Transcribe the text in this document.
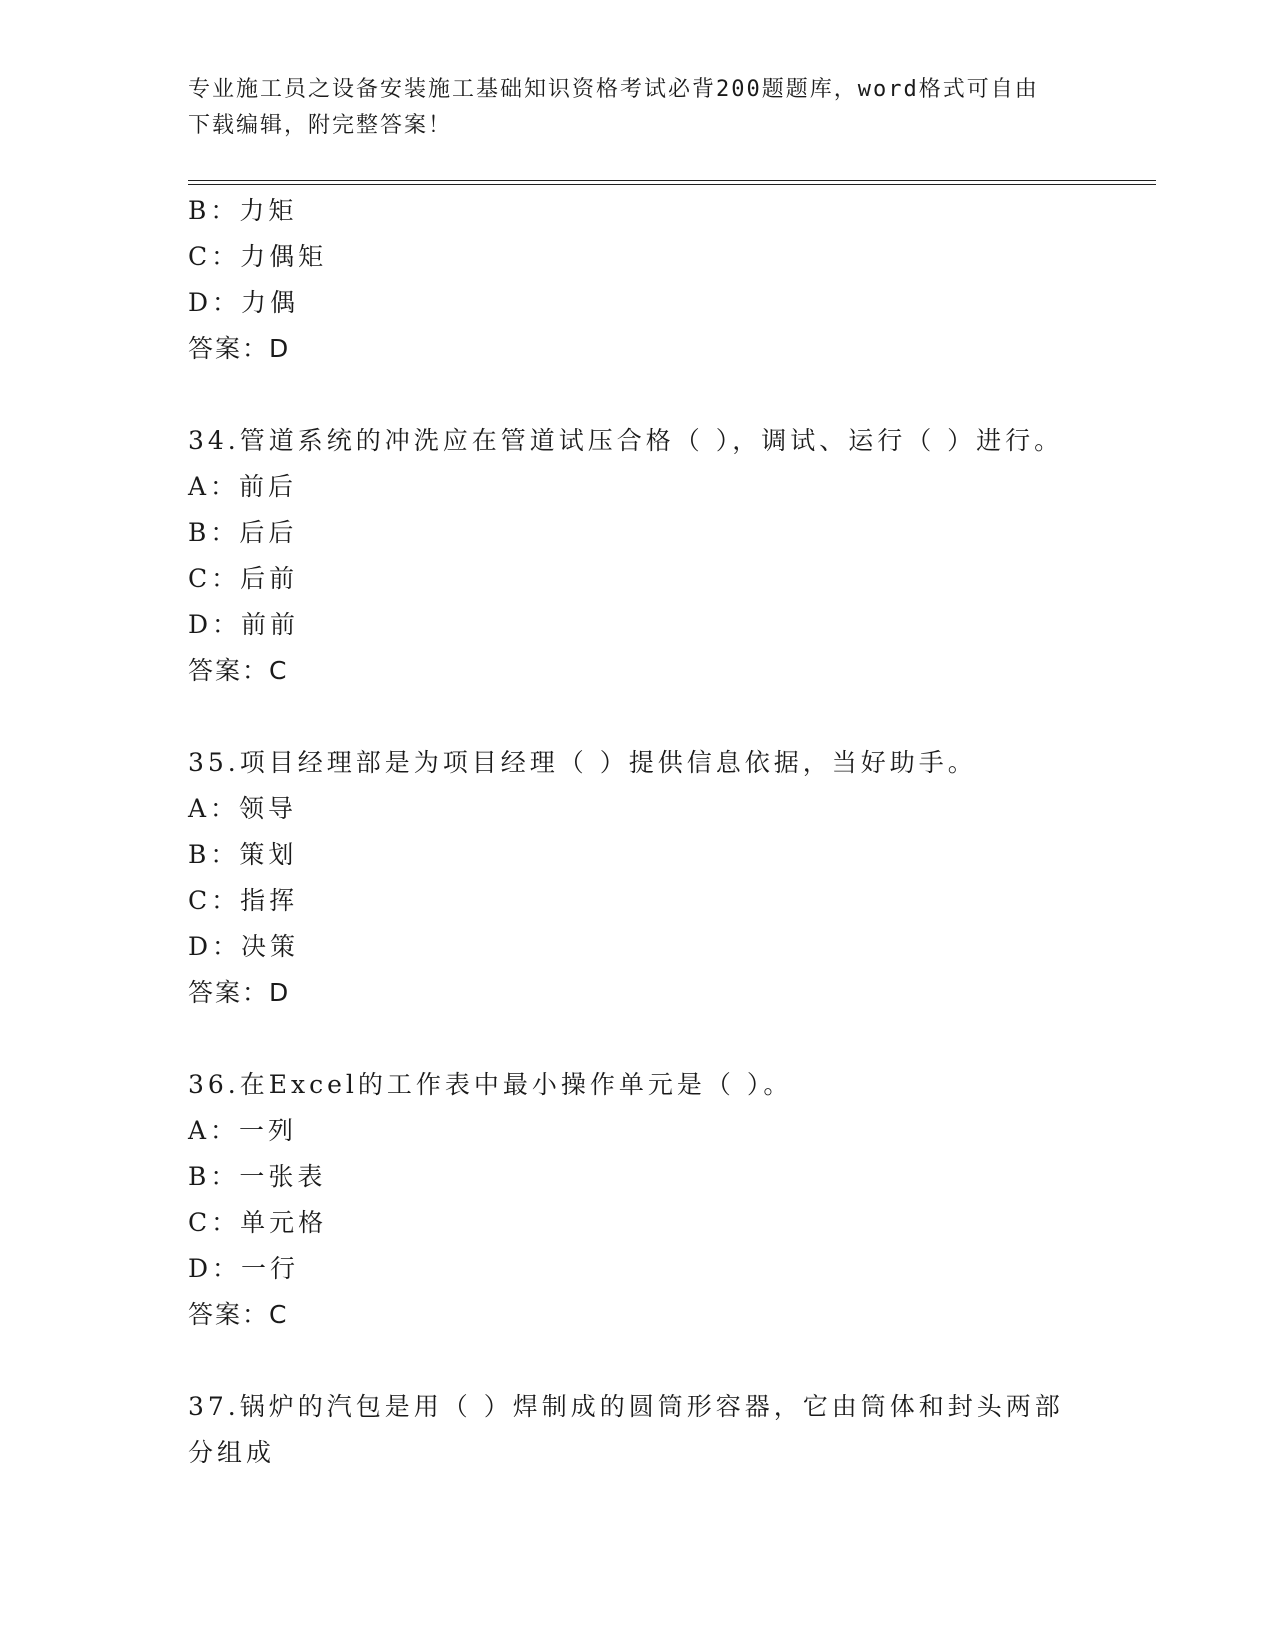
专业施工员之设备安装施工基础知识资格考试必背200题题库，word格式可自由
下载编辑，附完整答案！
B：力矩
C：力偶矩
D：力偶
答案：D
34.管道系统的冲洗应在管道试压合格（ ），调试、运行（ ）进行。
A：前后
B：后后
C：后前
D：前前
答案：C
35.项目经理部是为项目经理（ ）提供信息依据，当好助手。
A：领导
B：策划
C：指挥
D：决策
答案：D
36.在Excel的工作表中最小操作单元是（ ）。
A：一列
B：一张表
C：单元格
D：一行
答案：C
37.锅炉的汽包是用（ ）焊制成的圆筒形容器，它由筒体和封头两部分组成
